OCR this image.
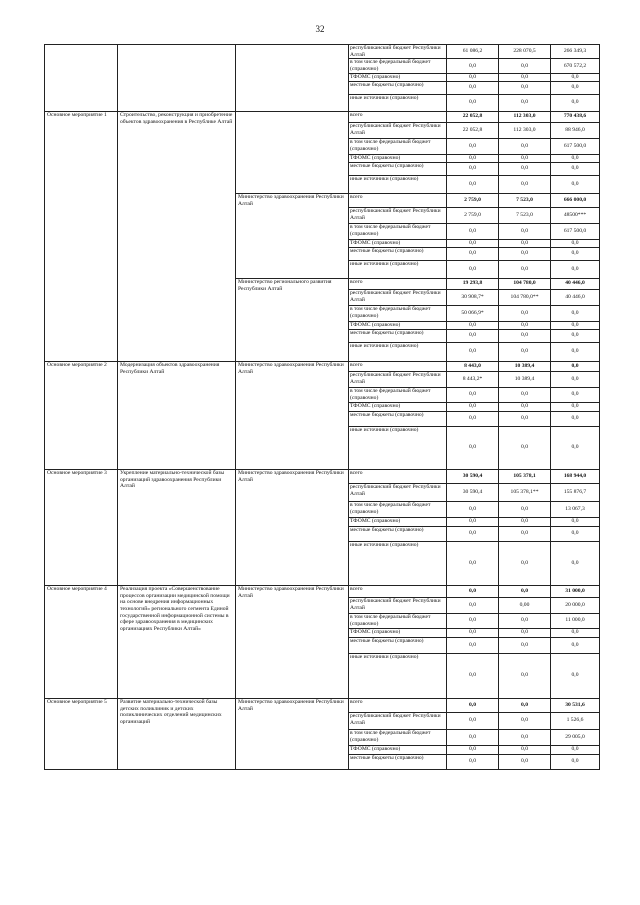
32
			республиканский бюджет Республики Алтай	61 086,2	228 070,5	266 349,3
			в том числе федеральный бюджет (справочно)	0,0	0,0	670 572,2
			ТФОМС (справочно)	0,0	0,0	0,0
			местные бюджеты (справочно)	0,0	0,0	0,0
			иные источники (справочно)	0,0	0,0	0,0
Основное мероприятие 1	Строительство, реконструкция и приобретение объектов здравоохранения в Республике Алтай		всего	22 052,8	112 303,0	770 438,6
			республиканский бюджет Республики Алтай	22 052,8	112 303,0	88 946,0
			в том числе федеральный бюджет (справочно)	0,0	0,0	617 500,0
			ТФОМС (справочно)	0,0	0,0	0,0
			местные бюджеты (справочно)	0,0	0,0	0,0
			иные источники (справочно)	0,0	0,0	0,0
		Министерство здравоохранения Республики Алтай	всего	2 759,0	7 523,0	666 000,0
			республиканский бюджет Республики Алтай	2 759,0	7 523,0	48500***
			в том числе федеральный бюджет (справочно)	0,0	0,0	617 500,0
			ТФОМС (справочно)	0,0	0,0	0,0
			местные бюджеты (справочно)	0,0	0,0	0,0
			иные источники (справочно)	0,0	0,0	0,0
		Министерство регионального развития Республики Алтай	всего	19 293,8	104 780,0	40 446,0
			республиканский бюджет Республики Алтай	30 908,7*	104 780,0**	40 446,0
			в том числе федеральный бюджет (справочно)	50 066,9*	0,0	0,0
			ТФОМС (справочно)	0,0	0,0	0,0
			местные бюджеты (справочно)	0,0	0,0	0,0
			иные источники (справочно)	0,0	0,0	0,0
Основное мероприятие 2	Модернизация объектов здравоохранения Республики Алтай	Министерство здравоохранения Республики Алтай	всего	8 443,0	10 389,4	0,0
			республиканский бюджет Республики Алтай	8 443,2*	10 389,4	0,0
			в том числе федеральный бюджет (справочно)	0,0	0,0	0,0
			ТФОМС (справочно)	0,0	0,0	0,0
			местные бюджеты (справочно)	0,0	0,0	0,0
			иные источники (справочно)	0,0	0,0	0,0
Основное мероприятие 3	Укрепление материально-технической базы организаций здравоохранения Республики Алтай	Министерство здравоохранения Республики Алтай	всего	30 590,4	105 378,1	168 944,0
			республиканский бюджет Республики Алтай	30 590,4	105 378,1**	155 876,7
			в том числе федеральный бюджет (справочно)	0,0	0,0	13 067,3
			ТФОМС (справочно)	0,0	0,0	0,0
			местные бюджеты (справочно)	0,0	0,0	0,0
			иные источники (справочно)	0,0	0,0	0,0
Основное мероприятие 4	Реализация проекта «Совершенствование процессов организации медицинской помощи на основе внедрения информационных технологий» регионального сегмента Единой государственной информационной системы в сфере здравоохранения в медицинских организациях Республики Алтай»	Министерство здравоохранения Республики Алтай	всего	0,0	0,0	31 000,0
			республиканский бюджет Республики Алтай	0,0	0,00	20 000,0
			в том числе федеральный бюджет (справочно)	0,0	0,0	11 000,0
			ТФОМС (справочно)	0,0	0,0	0,0
			местные бюджеты (справочно)	0,0	0,0	0,0
			иные источники (справочно)	0,0	0,0	0,0
Основное мероприятие 5	Развитие материально-технической базы детских поликлиник и детских поликлинических отделений медицинских организаций	Министерство здравоохранения Республики Алтай	всего	0,0	0,0	30 531,6
			республиканский бюджет Республики Алтай	0,0	0,0	1 526,6
			в том числе федеральный бюджет (справочно)	0,0	0,0	29 005,0
			ТФОМС (справочно)	0,0	0,0	0,0
			местные бюджеты (справочно)	0,0	0,0	0,0
